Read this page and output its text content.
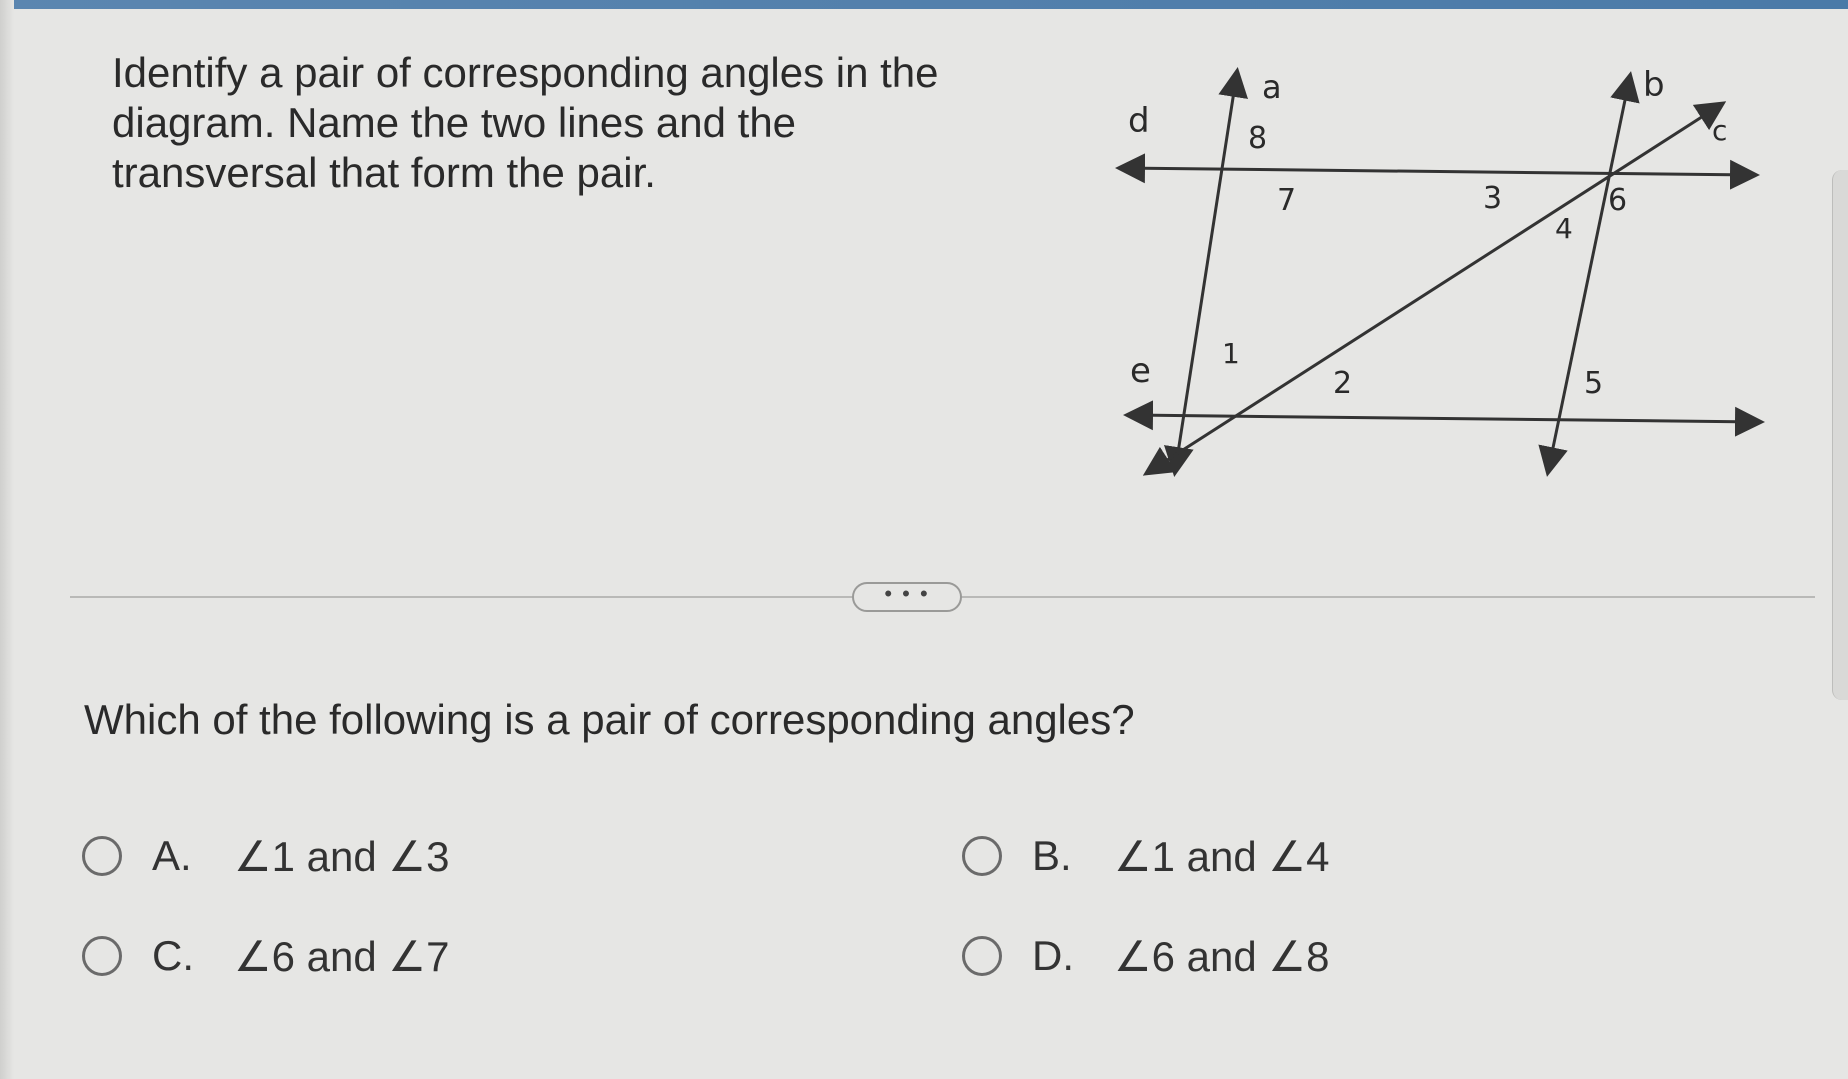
Identify a pair of corresponding angles in the
diagram. Name the two lines and the
transversal that form the pair.
a	b
c
d
e
8
7	3
4
6
1
2	5
• • •
Which of the following is a pair of corresponding angles?
A.	∠1 and ∠3	B.	∠1 and ∠4
C. ∠6 and ∠7	D. ∠6 and ∠8
